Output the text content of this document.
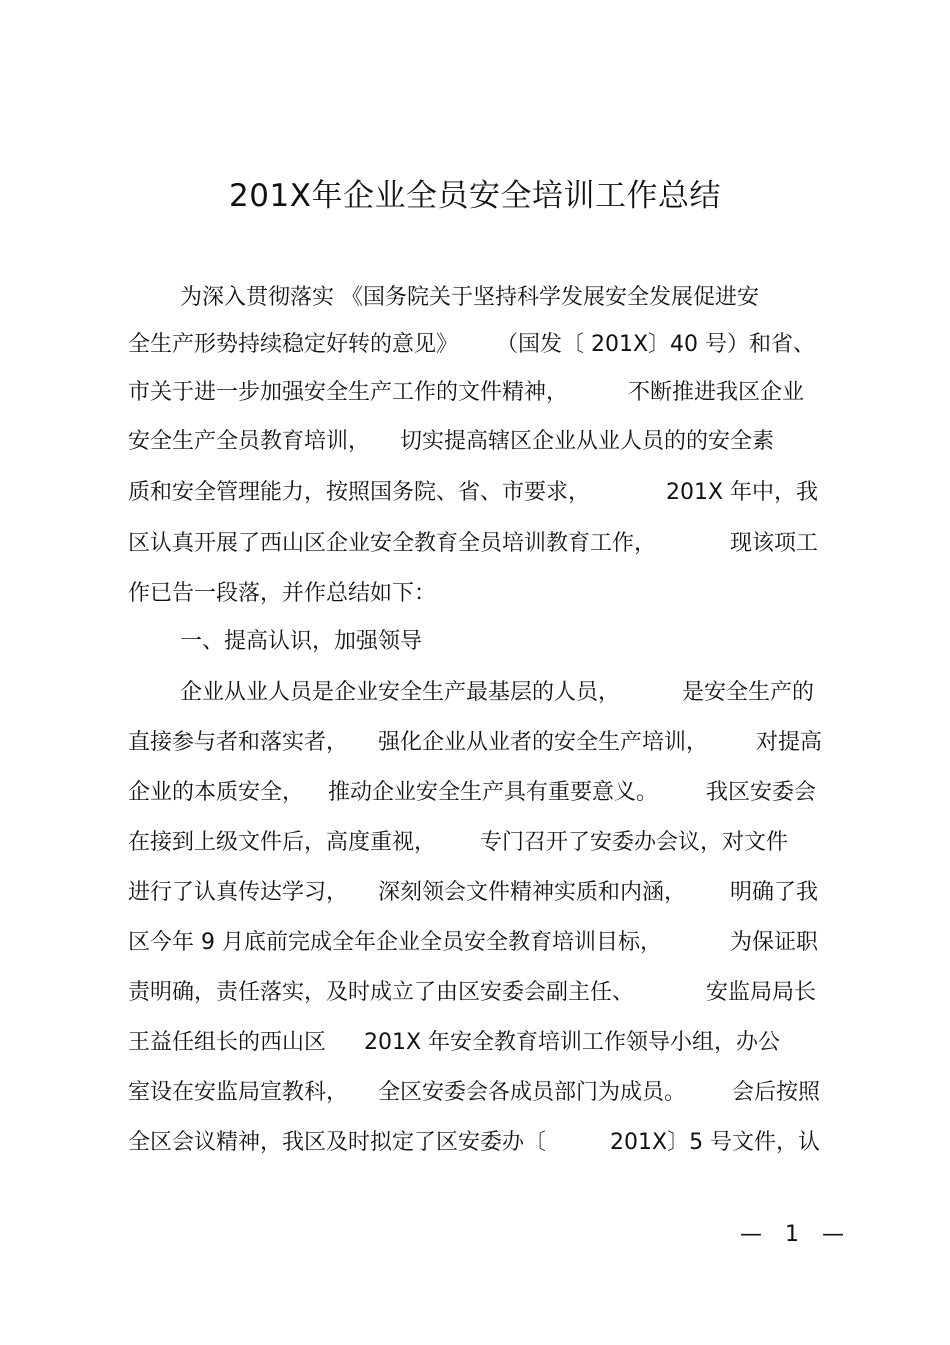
201X年企业全员安全培训工作总结
为深入贯彻落实 《国务院关于坚持科学发展安全发展促进安
全生产形势持续稳定好转的意见》 （国发〔 201X〕40 号）和省、
市关于进一步加强安全生产工作的文件精神，	不断推进我区企业
安全生产全员教育培训， 切实提高辖区企业从业人员的的安全素
质和安全管理能力，按照国务院、省、市要求，	201X 年中，我
区认真开展了西山区企业安全教育全员培训教育工作，	现该项工
作已告一段落，并作总结如下：
一、提高认识，加强领导
企业从业人员是企业安全生产最基层的人员，	是安全生产的
直接参与者和落实者， 强化企业从业者的安全生产培训， 对提高
企业的本质安全， 推动企业安全生产具有重要意义。 我区安委会
在接到上级文件后，高度重视， 专门召开了安委办会议，对文件
进行了认真传达学习， 深刻领会文件精神实质和内涵， 明确了我
区今年 9 月底前完成全年企业全员安全教育培训目标，	为保证职
责明确，责任落实，及时成立了由区安委会副主任、	安监局局长
王益任组长的西山区 201X 年安全教育培训工作领导小组，办公
室设在安监局宣教科， 全区安委会各成员部门为成员。 会后按照
全区会议精神，我区及时拟定了区安委办〔	201X〕5 号文件，认
— 1 —
